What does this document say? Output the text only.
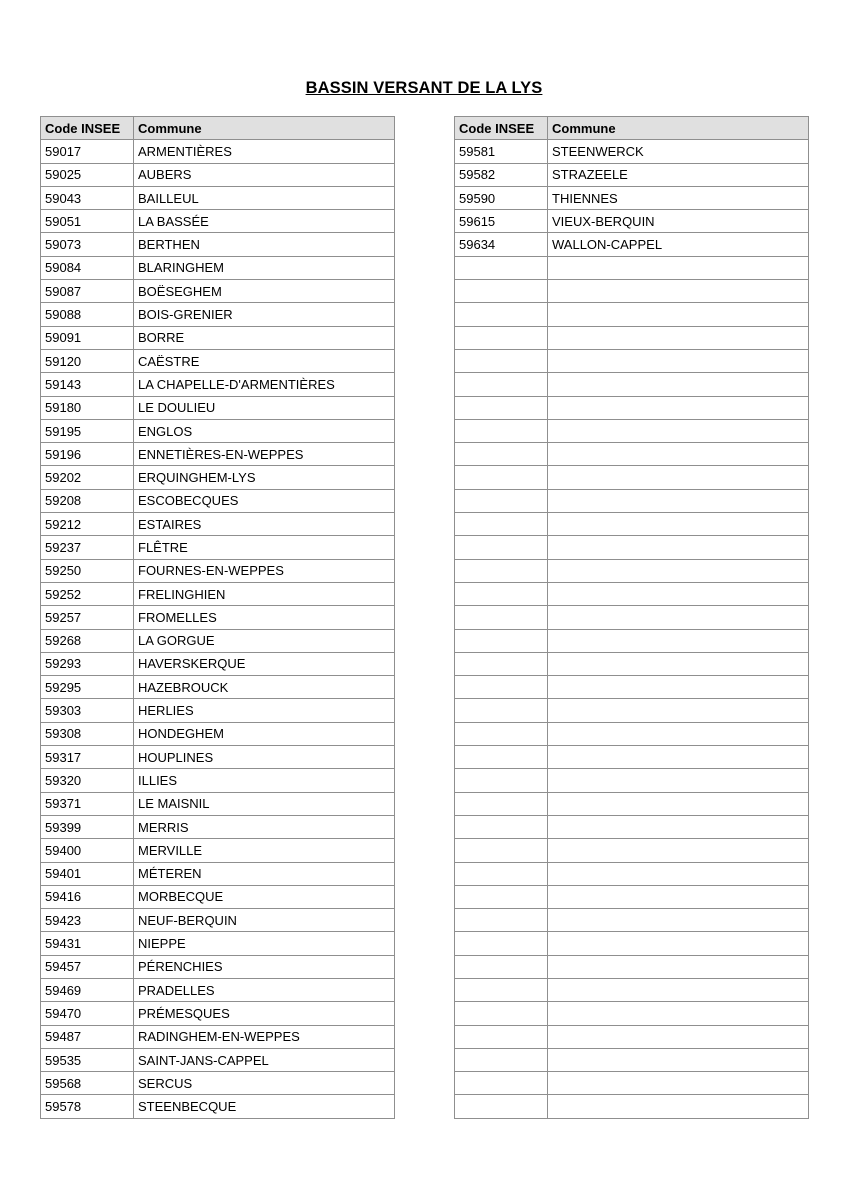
BASSIN VERSANT DE LA LYS
Code INSEE	Commune
59017	ARMENTIÈRES
59025	AUBERS
59043	BAILLEUL
59051	LA BASSÉE
59073	BERTHEN
59084	BLARINGHEM
59087	BOËSEGHEM
59088	BOIS-GRENIER
59091	BORRE
59120	CAËSTRE
59143	LA CHAPELLE-D'ARMENTIÈRES
59180	LE DOULIEU
59195	ENGLOS
59196	ENNETIÈRES-EN-WEPPES
59202	ERQUINGHEM-LYS
59208	ESCOBECQUES
59212	ESTAIRES
59237	FLÊTRE
59250	FOURNES-EN-WEPPES
59252	FRELINGHIEN
59257	FROMELLES
59268	LA GORGUE
59293	HAVERSKERQUE
59295	HAZEBROUCK
59303	HERLIES
59308	HONDEGHEM
59317	HOUPLINES
59320	ILLIES
59371	LE MAISNIL
59399	MERRIS
59400	MERVILLE
59401	MÉTEREN
59416	MORBECQUE
59423	NEUF-BERQUIN
59431	NIEPPE
59457	PÉRENCHIES
59469	PRADELLES
59470	PRÉMESQUES
59487	RADINGHEM-EN-WEPPES
59535	SAINT-JANS-CAPPEL
59568	SERCUS
59578	STEENBECQUE
Code INSEE	Commune
59581	STEENWERCK
59582	STRAZEELE
59590	THIENNES
59615	VIEUX-BERQUIN
59634	WALLON-CAPPEL
